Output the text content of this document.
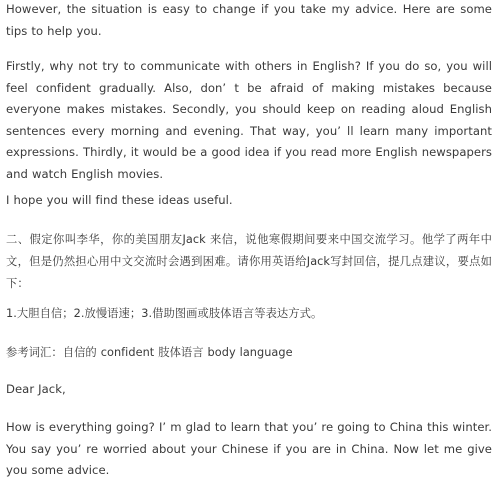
However, the situation is easy to change if you take my advice. Here are some tips to help you.

Firstly, why not try to communicate with others in English? If you do so, you will feel confident gradually. Also, don’ t be afraid of making mistakes because everyone makes mistakes. Secondly, you should keep on reading aloud English sentences every morning and evening. That way, you’ ll learn many important expressions. Thirdly, it would be a good idea if you read more English newspapers and watch English movies.

I hope you will find these ideas useful.

二、假定你叫李华，你的美国朋友Jack 来信，说他寒假期间要来中国交流学习。他学了两年中文，但是仍然担心用中文交流时会遇到困难。请你用英语给Jack写封回信，提几点建议，要点如下：

1.大胆自信；2.放慢语速；3.借助图画或肢体语言等表达方式。

参考词汇：自信的 confident 肢体语言 body language

Dear Jack,

How is everything going? I’ m glad to learn that you’ re going to China this winter. You say you’ re worried about your Chinese if you are in China. Now let me give you some advice.
